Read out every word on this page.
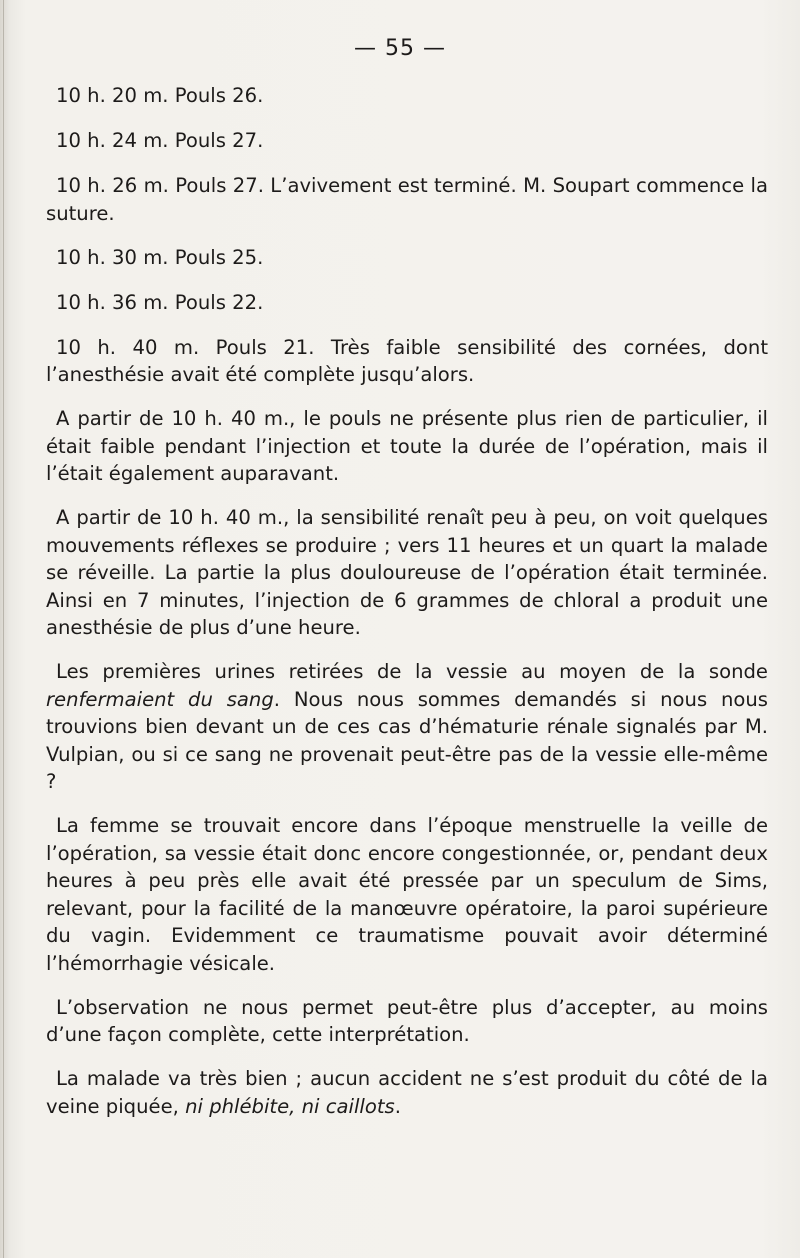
— 55 —

10 h. 20 m. Pouls 26.

10 h. 24 m. Pouls 27.

10 h. 26 m. Pouls 27. L’avivement est terminé. M. Soupart commence la suture.

10 h. 30 m. Pouls 25.

10 h. 36 m. Pouls 22.

10 h. 40 m. Pouls 21. Très faible sensibilité des cornées, dont l’anesthésie avait été complète jusqu’alors.

A partir de 10 h. 40 m., le pouls ne présente plus rien de particulier, il était faible pendant l’injection et toute la durée de l’opération, mais il l’était également auparavant.

A partir de 10 h. 40 m., la sensibilité renaît peu à peu, on voit quelques mouvements réflexes se produire ; vers 11 heures et un quart la malade se réveille. La partie la plus douloureuse de l’opération était terminée. Ainsi en 7 minutes, l’injection de 6 grammes de chloral a produit une anesthésie de plus d’une heure.

Les premières urines retirées de la vessie au moyen de la sonde renfermaient du sang. Nous nous sommes demandés si nous nous trouvions bien devant un de ces cas d’hématurie rénale signalés par M. Vulpian, ou si ce sang ne provenait peut-être pas de la vessie elle-même ?

La femme se trouvait encore dans l’époque menstruelle la veille de l’opération, sa vessie était donc encore congestionnée, or, pendant deux heures à peu près elle avait été pressée par un speculum de Sims, relevant, pour la facilité de la manœuvre opératoire, la paroi supérieure du vagin. Evidemment ce traumatisme pouvait avoir déterminé l’hémorrhagie vésicale.

L’observation ne nous permet peut-être plus d’accepter, au moins d’une façon complète, cette interprétation.

La malade va très bien ; aucun accident ne s’est produit du côté de la veine piquée, ni phlébite, ni caillots.
